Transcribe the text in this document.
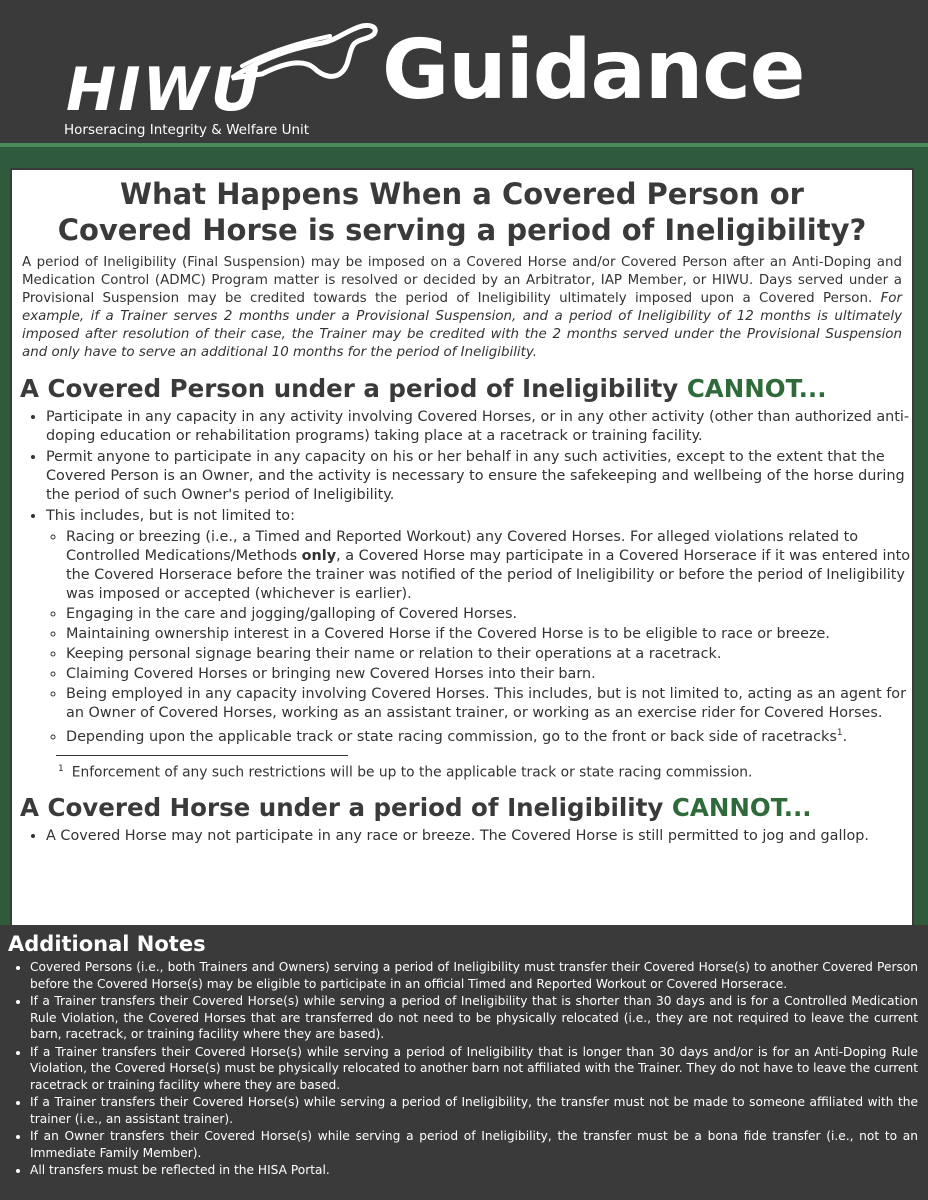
HIWU
Horseracing Integrity & Welfare Unit
Guidance
What Happens When a Covered Person or
Covered Horse is serving a period of Ineligibility?

A period of Ineligibility (Final Suspension) may be imposed on a Covered Horse and/or Covered Person after an Anti-Doping and Medication Control (ADMC) Program matter is resolved or decided by an Arbitrator, IAP Member, or HIWU. Days served under a Provisional Suspension may be credited towards the period of Ineligibility ultimately imposed upon a Covered Person. For example, if a Trainer serves 2 months under a Provisional Suspension, and a period of Ineligibility of 12 months is ultimately imposed after resolution of their case, the Trainer may be credited with the 2 months served under the Provisional Suspension and only have to serve an additional 10 months for the period of Ineligibility.

A Covered Person under a period of Ineligibility CANNOT...
• Participate in any capacity in any activity involving Covered Horses, or in any other activity (other than authorized anti-doping education or rehabilitation programs) taking place at a racetrack or training facility.
• Permit anyone to participate in any capacity on his or her behalf in any such activities, except to the extent that the Covered Person is an Owner, and the activity is necessary to ensure the safekeeping and wellbeing of the horse during the period of such Owner's period of Ineligibility.
• This includes, but is not limited to:
◦ Racing or breezing (i.e., a Timed and Reported Workout) any Covered Horses. For alleged violations related to Controlled Medications/Methods only, a Covered Horse may participate in a Covered Horserace if it was entered into the Covered Horserace before the trainer was notified of the period of Ineligibility or before the period of Ineligibility was imposed or accepted (whichever is earlier).
◦ Engaging in the care and jogging/galloping of Covered Horses.
◦ Maintaining ownership interest in a Covered Horse if the Covered Horse is to be eligible to race or breeze.
◦ Keeping personal signage bearing their name or relation to their operations at a racetrack.
◦ Claiming Covered Horses or bringing new Covered Horses into their barn.
◦ Being employed in any capacity involving Covered Horses. This includes, but is not limited to, acting as an agent for an Owner of Covered Horses, working as an assistant trainer, or working as an exercise rider for Covered Horses.
◦ Depending upon the applicable track or state racing commission, go to the front or back side of racetracks$^1$.
$^1$ Enforcement of any such restrictions will be up to the applicable track or state racing commission.
A Covered Horse under a period of Ineligibility CANNOT...
• A Covered Horse may not participate in any race or breeze. The Covered Horse is still permitted to jog and gallop.
Additional Notes
• Covered Persons (i.e., both Trainers and Owners) serving a period of Ineligibility must transfer their Covered Horse(s) to another Covered Person before the Covered Horse(s) may be eligible to participate in an official Timed and Reported Workout or Covered Horserace.
• If a Trainer transfers their Covered Horse(s) while serving a period of Ineligibility that is shorter than 30 days and is for a Controlled Medication Rule Violation, the Covered Horses that are transferred do not need to be physically relocated (i.e., they are not required to leave the current barn, racetrack, or training facility where they are based).
• If a Trainer transfers their Covered Horse(s) while serving a period of Ineligibility that is longer than 30 days and/or is for an Anti-Doping Rule Violation, the Covered Horse(s) must be physically relocated to another barn not affiliated with the Trainer. They do not have to leave the current racetrack or training facility where they are based.
• If a Trainer transfers their Covered Horse(s) while serving a period of Ineligibility, the transfer must not be made to someone affiliated with the trainer (i.e., an assistant trainer).
• If an Owner transfers their Covered Horse(s) while serving a period of Ineligibility, the transfer must be a bona fide transfer (i.e., not to an Immediate Family Member).
• All transfers must be reflected in the HISA Portal.
